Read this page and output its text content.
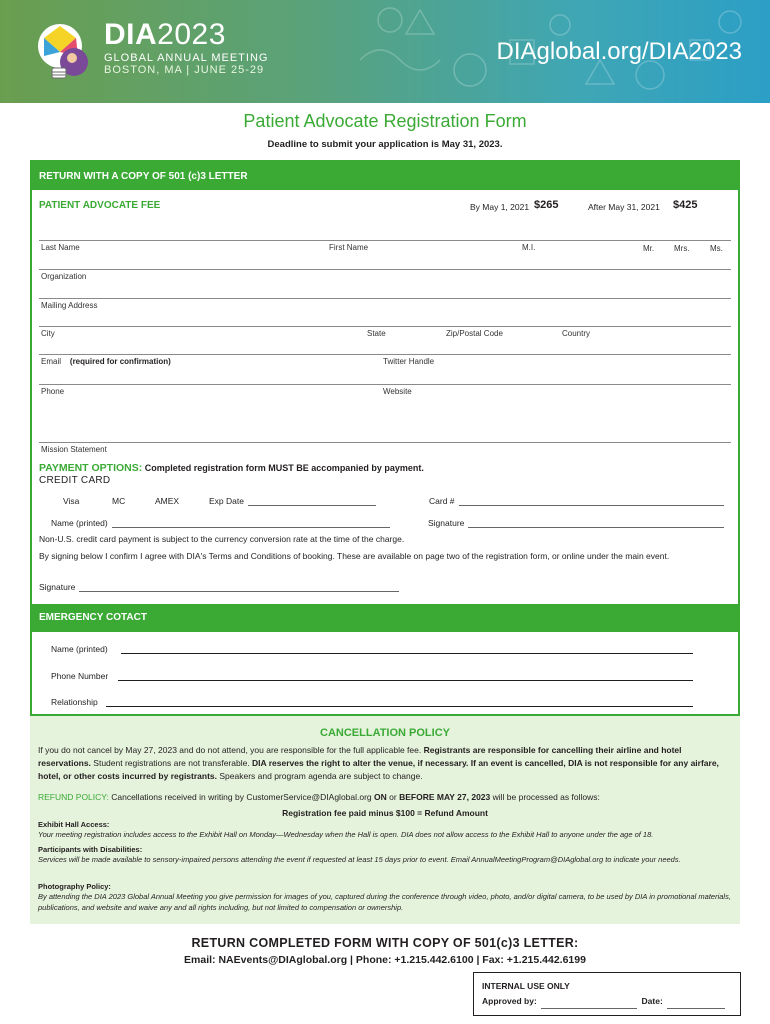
DIA2023
GLOBAL ANNUAL MEETING
BOSTON, MA | JUNE 25-29
DIAglobal.org/DIA2023
Patient Advocate Registration Form
Deadline to submit your application is May 31, 2023.
RETURN WITH A COPY OF 501 (c)3 LETTER
PATIENT ADVOCATE FEE	By May 1, 2021 $265	After May 31, 2021 $425
Last Name	First Name	M.I.	Mr. Mrs.	Ms.
Organization
Mailing Address
City	State	Zip/Postal Code	Country
Email (required for confirmation)	Twitter Handle
Phone	Website
Mission Statement
PAYMENT OPTIONS: Completed registration form MUST BE accompanied by payment.
CREDIT CARD
Visa	MC	AMEX	Exp Date	Card #
Name (printed)	Signature
Non-U.S. credit card payment is subject to the currency conversion rate at the time of the charge.
By signing below I confirm I agree with DIA's Terms and Conditions of booking. These are available on page two of the registration form, or online under the main event.
Signature
EMERGENCY COTACT
Name (printed)
Phone Number
Relationship
CANCELLATION POLICY
If you do not cancel by May 27, 2023 and do not attend, you are responsible for the full applicable fee. Registrants are responsible for cancelling their airline and hotel reservations. Student registrations are not transferable. DIA reserves the right to alter the venue, if necessary. If an event is cancelled, DIA is not responsible for any airfare, hotel, or other costs incurred by registrants. Speakers and program agenda are subject to change.
REFUND POLICY: Cancellations received in writing by CustomerService@DIAglobal.org ON or BEFORE MAY 27, 2023 will be processed as follows:
Registration fee paid minus $100 = Refund Amount
Exhibit Hall Access:
Your meeting registration includes access to the Exhibit Hall on Monday—Wednesday when the Hall is open. DIA does not allow access to the Exhibit Hall to anyone under the age of 18.
Participants with Disabilities:
Services will be made available to sensory-impaired persons attending the event if requested at least 15 days prior to event. Email AnnualMeetingProgram@DIAglobal.org to indicate your needs.
Photography Policy:
By attending the DIA 2023 Global Annual Meeting you give permission for images of you, captured during the conference through video, photo, and/or digital camera, to be used by DIA in promotional materials, publications, and website and waive any and all rights including, but not limited to compensation or ownership.
RETURN COMPLETED FORM WITH COPY OF 501(c)3 LETTER:
Email: NAEvents@DIAglobal.org | Phone: +1.215.442.6100 | Fax: +1.215.442.6199
INTERNAL USE ONLY
Approved by:	Date:
